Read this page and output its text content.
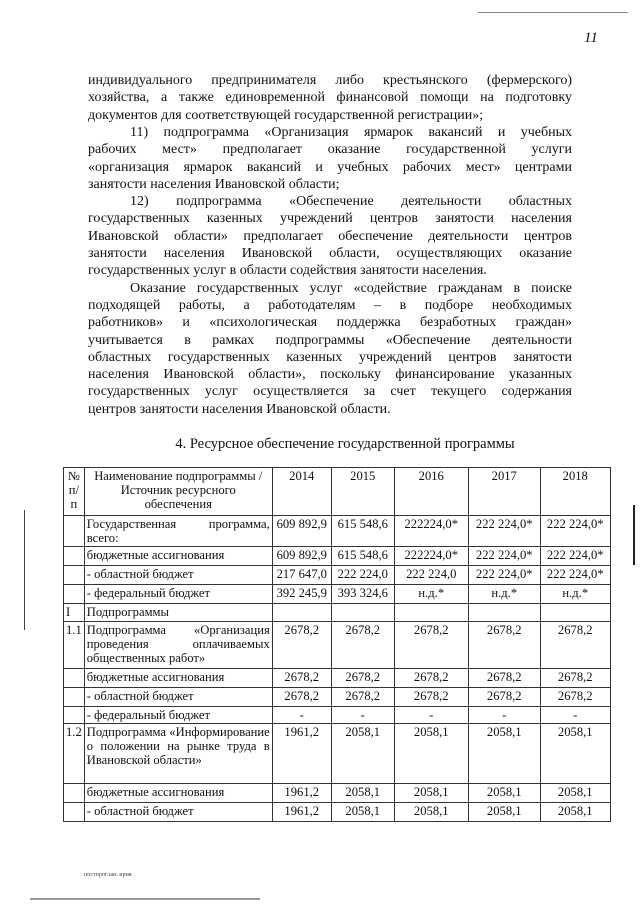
11
индивидуального предпринимателя либо крестьянского (фермерского)
хозяйства, а также единовременной финансовой помощи на подготовку
документов для соответствующей государственной регистрации»;
11) подпрограмма «Организация ярмарок вакансий и учебных
рабочих мест» предполагает оказание государственной услуги
«организация ярмарок вакансий и учебных рабочих мест» центрами
занятости населения Ивановской области;
12) подпрограмма «Обеспечение деятельности областных
государственных казенных учреждений центров занятости населения
Ивановской области» предполагает обеспечение деятельности центров
занятости населения Ивановской области, осуществляющих оказание
государственных услуг в области содействия занятости населения.
Оказание государственных услуг «содействие гражданам в поиске
подходящей работы, а работодателям – в подборе необходимых
работников» и «психологическая поддержка безработных граждан»
учитывается в рамках подпрограммы «Обеспечение деятельности
областных государственных казенных учреждений центров занятости
населения Ивановской области», поскольку финансирование указанных
государственных услуг осуществляется за счет текущего содержания
центров занятости населения Ивановской области.
4. Ресурсное обеспечение государственной программы
№ п/п	Наименование подпрограммы / Источник ресурсного обеспечения	2014	2015	2016	2017	2018
	Государственная программа, всего:	609 892,9	615 548,6	222224,0*	222 224,0*	222 224,0*
	бюджетные ассигнования	609 892,9	615 548,6	222224,0*	222 224,0*	222 224,0*
	- областной бюджет	217 647,0	222 224,0	222 224,0	222 224,0*	222 224,0*
	- федеральный бюджет	392 245,9	393 324,6	н.д.*	н.д.*	н.д.*
I	Подпрограммы					
1.1	Подпрограмма «Организация проведения оплачиваемых общественных работ»	2678,2	2678,2	2678,2	2678,2	2678,2
	бюджетные ассигнования	2678,2	2678,2	2678,2	2678,2	2678,2
	- областной бюджет	2678,2	2678,2	2678,2	2678,2	2678,2
	- федеральный бюджет	-	-	-	-	-
1.2	Подпрограмма «Информирование о положении на рынке труда в Ивановской области»	1961,2	2058,1	2058,1	2058,1	2058,1
	бюджетные ассигнования	1961,2	2058,1	2058,1	2058,1	2058,1
	- областной бюджет	1961,2	2058,1	2058,1	2058,1	2058,1
постпрог.зан. ирия
